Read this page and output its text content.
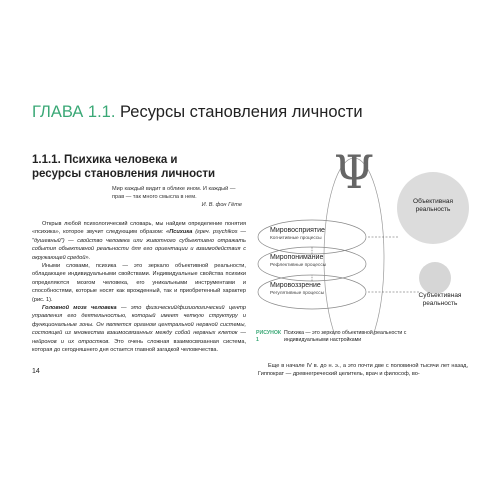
ГЛАВА 1.1. Ресурсы становления личности
1.1.1. Психика человека и ресурсы становления личности
Мир каждый видит в облике ином. И каждый — прав — так много смысла в нем.
И. В. фон Гёте

Открыв любой психологический словарь, мы найдем определение понятия «психика», которое звучит следующим образом: «Психика (греч. psychikos — "душевный") — свойство человека или животного субъективно отражать события объективной реальности для его ориентации и взаимодействия с окружающей средой».

Иными словами, психика — это зеркало объективной реальности, обладающее индивидуальными свойствами. Индивидуальные свойства психики определяются мозгом человека, его уникальными инструментами и способностями, которые носят как врожденный, так и приобретенный характер (рис. 1).

Головной мозг человека — это физический/физиологический центр управления его деятельностью, который имеет четкую структуру и функциональные зоны. Он является органом центральной нервной системы, состоящей из множества взаимосвязанных между собой нервных клеток — нейронов и их отростков. Это очень сложная взаимосвязанная система, которая до сегодняшнего дня остается главной загадкой человечества.

14
Ψ
Мировосприятие
Когнитивные процессы
Миропонимание
Рефлективные процессы
Мировоззрение
Регулятивные процессы
Объективная реальность
Субъективная реальность
РИСУНОК 1Психика — это зеркало объективной реальности с индивидуальными настройками

Еще в начале IV в. до н. э., а это почти две с половиной тысячи лет назад, Гиппократ — древнегреческий целитель, врач и философ, во-
